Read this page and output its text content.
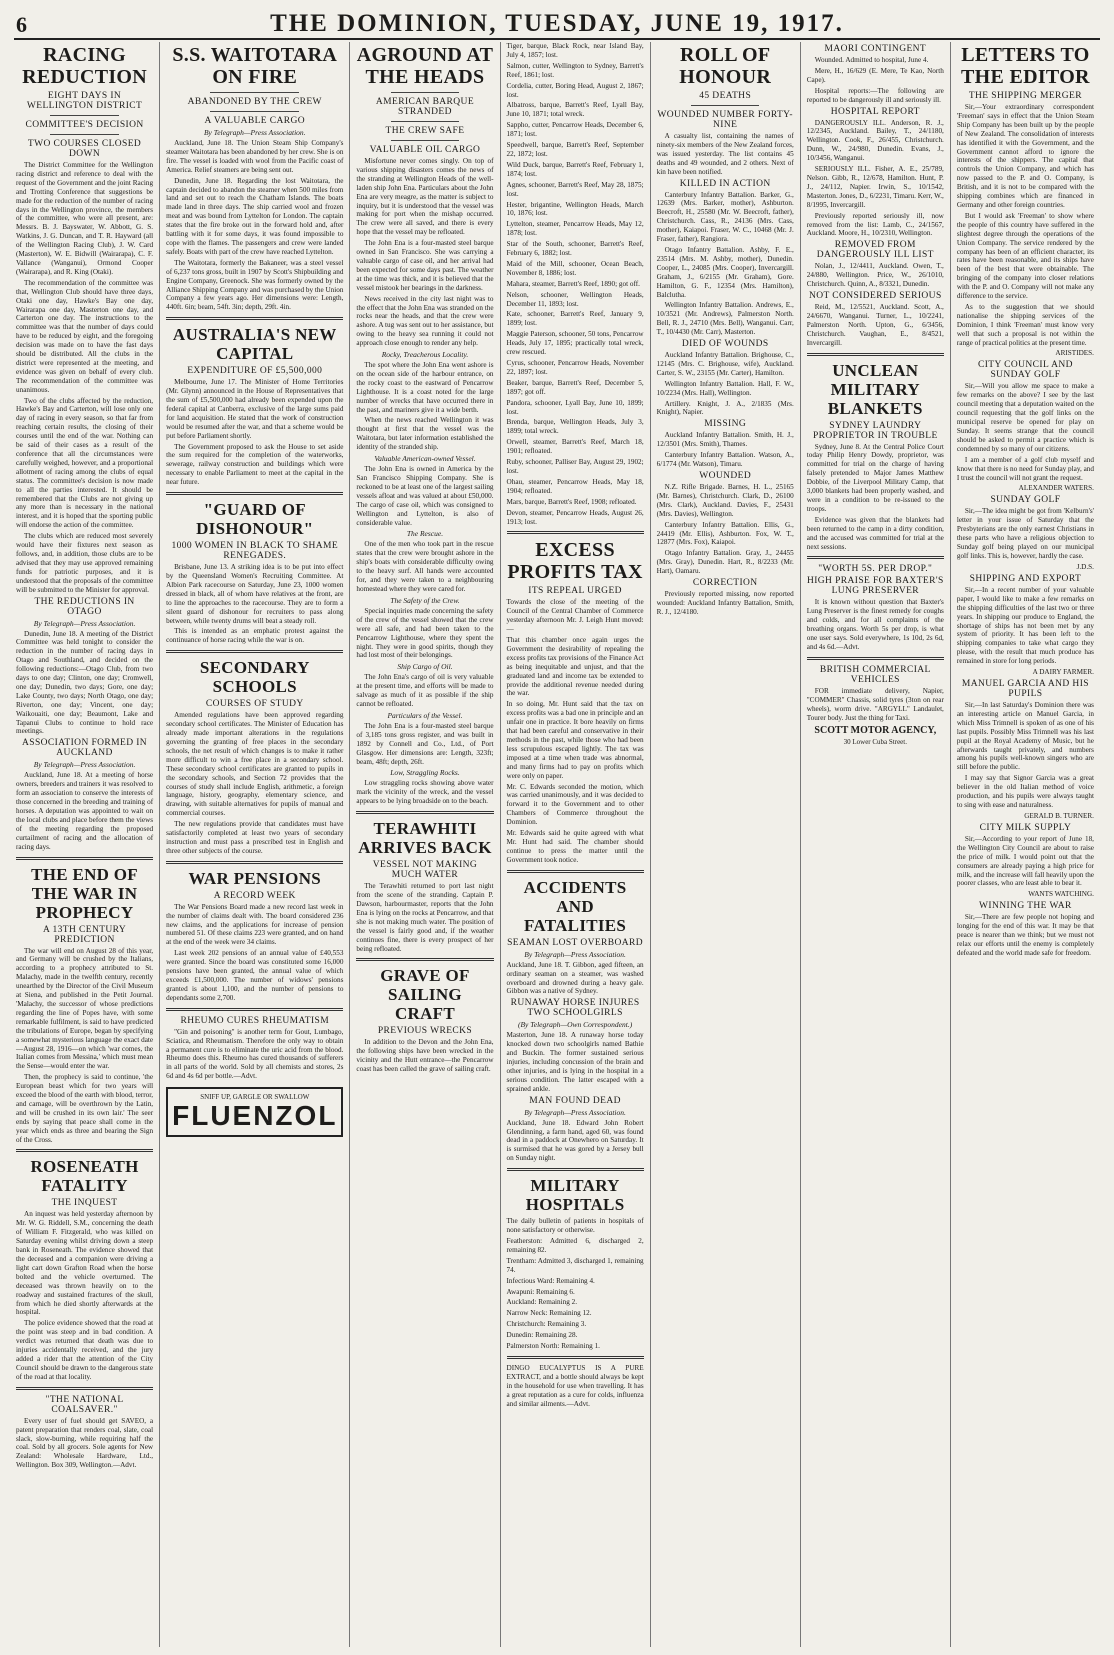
6	THE DOMINION, TUESDAY, JUNE 19, 1917.
RACING REDUCTION
EIGHT DAYS IN WELLINGTON DISTRICT
COMMITTEE'S DECISION
TWO COURSES CLOSED DOWN

The District Committee for the Wellington racing district and reference to deal with the request of the Government and the joint Racing and Trotting Conference that suggestions be made for the reduction of the number of racing days in the Wellington province, the members of the committee, who were all present, are: Messrs. B. J. Bayswater, W. Abbott, G. S. Watkins, J. G. Duncan, and T. R. Hayward (all of the Wellington Racing Club), J. W. Card (Masterton), W. E. Bidwill (Wairarapa), C. F. Vallance (Wanganui), Ormond Cooper (Wairarapa), and R. King (Otaki).

The recommendation of the committee was that, Wellington Club should have three days, Otaki one day, Hawke's Bay one day, Wairarapa one day, Masterton one day, and Carterton one day. The instructions to the committee was that the number of days could have to be reduced by eight, and the foregoing decision was made on to have the fast days should be distributed. All the clubs in the district were represented at the meeting, and evidence was given on behalf of every club. The recommendation of the committee was unanimous.

Two of the clubs affected by the reduction, Hawke's Bay and Carterton, will lose only one day of racing in every season, so that far from reaching certain results, the closing of their courses until the end of the war. Nothing can be said of their cases as a result of the conference that all the circumstances were carefully weighed, however, and a proportional allotment of racing among the clubs of equal status. The committee's decision is now made to all the parties interested. It should be remembered that the Clubs are not giving up any more than is necessary in the national interest, and it is hoped that the sporting public will endorse the action of the committee.

The clubs which are reduced most severely would have their fixtures next season as follows, and, in addition, those clubs are to be advised that they may use approved remaining funds for patriotic purposes, and it is understood that the proposals of the committee will be submitted to the Minister for approval.

THE REDUCTIONS IN OTAGO
By Telegraph—Press Association.

Dunedin, June 18. A meeting of the District Committee was held tonight to consider the reduction in the number of racing days in Otago and Southland, and decided on the following reductions:—Otago Club, from two days to one day; Clinton, one day; Cromwell, one day; Dunedin, two days; Gore, one day; Lake County, two days; North Otago, one day; Riverton, one day; Vincent, one day; Waikouaiti, one day; Beaumont, Lake and Tapanui Clubs to continue to hold race meetings.

ASSOCIATION FORMED IN AUCKLAND
By Telegraph—Press Association.

Auckland, June 18. At a meeting of horse owners, breeders and trainers it was resolved to form an association to conserve the interests of those concerned in the breeding and training of horses. A deputation was appointed to wait on the local clubs and place before them the views of the meeting regarding the proposed curtailment of racing and the allocation of racing days.

THE END OF THE WAR IN PROPHECY
A 13TH CENTURY PREDICTION

The war will end on August 28 of this year, and Germany will be crushed by the Italians, according to a prophecy attributed to St. Malachy, made in the twelfth century, recently unearthed by the Director of the Civil Museum at Siena, and published in the Petit Journal. 'Malachy, the successor of whose predictions regarding the line of Popes have, with some remarkable fulfilment, is said to have predicted the tribulations of Europe, began by specifying a somewhat mysterious language the exact date—August 28, 1916—on which 'war comes, the Italian comes from Messina,' which must mean the Sense—would enter the war.

Then, the prophecy is said to continue, 'the European beast which for two years will exceed the blood of the earth with blood, terror, and carnage, will be overthrown by the Latin, and will be crushed in its own lair.' The seer ends by saying that peace shall come in the year which ends as three and bearing the Sign of the Cross.

ROSENEATH FATALITY
THE INQUEST

An inquest was held yesterday afternoon by Mr. W. G. Riddell, S.M., concerning the death of William F. Fitzgerald, who was killed on Saturday evening whilst driving down a steep bank in Roseneath. The evidence showed that the deceased and a companion were driving a light cart down Grafton Road when the horse bolted and the vehicle overturned. The deceased was thrown heavily on to the roadway and sustained fractures of the skull, from which he died shortly afterwards at the hospital.

The police evidence showed that the road at the point was steep and in bad condition. A verdict was returned that death was due to injuries accidentally received, and the jury added a rider that the attention of the City Council should be drawn to the dangerous state of the road at that locality.

"THE NATIONAL COALSAVER."

Every user of fuel should get SAVEO, a patent preparation that renders coal, slate, coal slack, slow-burning, while requiring half the coal. Sold by all grocers. Sole agents for New Zealand: Wholesale Hardware, Ltd., Wellington. Box 309, Wellington.—Advt.

S.S. WAITOTARA ON FIRE
ABANDONED BY THE CREW
A VALUABLE CARGO
By Telegraph—Press Association.

Auckland, June 18. The Union Steam Ship Company's steamer Waitotara has been abandoned by her crew. She is on fire. The vessel is loaded with wool from the Pacific coast of America. Relief steamers are being sent out.

Dunedin, June 18. Regarding the lost Waitotara, the captain decided to abandon the steamer when 500 miles from land and set out to reach the Chatham Islands. The boats made land in three days. The ship carried wool and frozen meat and was bound from Lyttelton for London. The captain states that the fire broke out in the forward hold and, after battling with it for some days, it was found impossible to cope with the flames. The passengers and crew were landed safely. Boats with part of the crew have reached Lyttelton.

The Waitotara, formerly the Bakaneer, was a steel vessel of 6,237 tons gross, built in 1907 by Scott's Shipbuilding and Engine Company, Greenock. She was formerly owned by the Alliance Shipping Company and was purchased by the Union Company a few years ago. Her dimensions were: Length, 440ft. 6in; beam, 54ft. 3in; depth, 29ft. 4in.

AUSTRALIA'S NEW CAPITAL
EXPENDITURE OF £5,500,000

Melbourne, June 17. The Minister of Home Territories (Mr. Glynn) announced in the House of Representatives that the sum of £5,500,000 had already been expended upon the federal capital at Canberra, exclusive of the large sums paid for land acquisition. He stated that the work of construction would be resumed after the war, and that a scheme would be put before Parliament shortly.

The Government proposed to ask the House to set aside the sum required for the completion of the waterworks, sewerage, railway construction and buildings which were necessary to enable Parliament to meet at the capital in the near future.

"GUARD OF DISHONOUR"
1000 WOMEN IN BLACK TO SHAME RENEGADES.

Brisbane, June 13. A striking idea is to be put into effect by the Queensland Women's Recruiting Committee. At Albion Park racecourse on Saturday, June 23, 1000 women dressed in black, all of whom have relatives at the front, are to line the approaches to the racecourse. They are to form a silent guard of dishonour for recruiters to pass along between, while twenty drums will beat a steady roll.

This is intended as an emphatic protest against the continuance of horse racing while the war is on.

SECONDARY SCHOOLS
COURSES OF STUDY

Amended regulations have been approved regarding secondary school certificates. The Minister of Education has already made important alterations in the regulations governing the granting of free places in the secondary schools, the net result of which changes is to make it rather more difficult to win a free place in a secondary school. These secondary school certificates are granted to pupils in the secondary schools, and Section 72 provides that the courses of study shall include English, arithmetic, a foreign language, history, geography, elementary science, and drawing, with suitable alternatives for pupils of manual and commercial courses.

The new regulations provide that candidates must have satisfactorily completed at least two years of secondary instruction and must pass a prescribed test in English and three other subjects of the course.

WAR PENSIONS
A RECORD WEEK

The War Pensions Board made a new record last week in the number of claims dealt with. The board considered 236 new claims, and the applications for increase of pension numbered 51. Of these claims 223 were granted, and on hand at the end of the week were 34 claims.

Last week 202 pensions of an annual value of £40,553 were granted. Since the board was constituted some 16,000 pensions have been granted, the annual value of which exceeds £1,500,000. The number of widows' pensions granted is about 1,100, and the number of pensions to dependants some 2,700.

RHEUMO CURES RHEUMATISM

"Gin and poisoning" is another term for Gout, Lumbago, Sciatica, and Rheumatism. Therefore the only way to obtain a permanent cure is to eliminate the uric acid from the blood. Rheumo does this. Rheumo has cured thousands of sufferers in all parts of the world. Sold by all chemists and stores, 2s 6d and 4s 6d per bottle.—Advt.

SNIFF UP, GARGLE OR SWALLOW
FLUENZOL
AGROUND AT THE HEADS
AMERICAN BARQUE STRANDED
THE CREW SAFE
VALUABLE OIL CARGO

Misfortune never comes singly. On top of various shipping disasters comes the news of the stranding at Wellington Heads of the well-laden ship John Ena. Particulars about the John Ena are very meagre, as the matter is subject to inquiry, but it is understood that the vessel was making for port when the mishap occurred. The crew were all saved, and there is every hope that the vessel may be refloated.

The John Ena is a four-masted steel barque owned in San Francisco. She was carrying a valuable cargo of case oil, and her arrival had been expected for some days past. The weather at the time was thick, and it is believed that the vessel mistook her bearings in the darkness.

News received in the city last night was to the effect that the John Ena was stranded on the rocks near the heads, and that the crew were ashore. A tug was sent out to her assistance, but owing to the heavy sea running it could not approach close enough to render any help.

Rocky, Treacherous Locality.

The spot where the John Ena went ashore is on the ocean side of the harbour entrance, on the rocky coast to the eastward of Pencarrow Lighthouse. It is a coast noted for the large number of wrecks that have occurred there in the past, and mariners give it a wide berth.

When the news reached Wellington it was thought at first that the vessel was the Waitotara, but later information established the identity of the stranded ship.

Valuable American-owned Vessel.

The John Ena is owned in America by the San Francisco Shipping Company. She is reckoned to be at least one of the largest sailing vessels afloat and was valued at about £50,000. The cargo of case oil, which was consigned to Wellington and Lyttelton, is also of considerable value.

The Rescue.

One of the men who took part in the rescue states that the crew were brought ashore in the ship's boats with considerable difficulty owing to the heavy surf. All hands were accounted for, and they were taken to a neighbouring homestead where they were cared for.

The Safety of the Crew.

Special inquiries made concerning the safety of the crew of the vessel showed that the crew were all safe, and had been taken to the Pencarrow Lighthouse, where they spent the night. They were in good spirits, though they had lost most of their belongings.

Ship Cargo of Oil.

The John Ena's cargo of oil is very valuable at the present time, and efforts will be made to salvage as much of it as possible if the ship cannot be refloated.

Particulars of the Vessel.

The John Ena is a four-masted steel barque of 3,185 tons gross register, and was built in 1892 by Connell and Co., Ltd., of Port Glasgow. Her dimensions are: Length, 323ft; beam, 48ft; depth, 26ft.

Low, Straggling Rocks.

Low straggling rocks showing above water mark the vicinity of the wreck, and the vessel appears to be lying broadside on to the beach.

TERAWHITI ARRIVES BACK
VESSEL NOT MAKING MUCH WATER

The Terawhiti returned to port last night from the scene of the stranding. Captain P. Dawson, harbourmaster, reports that the John Ena is lying on the rocks at Pencarrow, and that she is not making much water. The position of the vessel is fairly good and, if the weather continues fine, there is every prospect of her being refloated.

GRAVE OF SAILING CRAFT
PREVIOUS WRECKS

In addition to the Devon and the John Ena, the following ships have been wrecked in the vicinity and the Hutt entrance—the Pencarrow coast has been called the grave of sailing craft.

Tiger, barque, Black Rock, near Island Bay, July 4, 1857; lost.

Salmon, cutter, Wellington to Sydney, Barrett's Reef, 1861; lost.

Cordelia, cutter, Boring Head, August 2, 1867; lost.

Albatross, barque, Barrett's Reef, Lyall Bay, June 10, 1871; total wreck.

Sappho, cutter, Pencarrow Heads, December 6, 1871; lost.

Speedwell, barque, Barrett's Reef, September 22, 1872; lost.

Wild Duck, barque, Barrett's Reef, February 1, 1874; lost.

Agnes, schooner, Barrett's Reef, May 28, 1875; lost.

Hester, brigantine, Wellington Heads, March 10, 1876; lost.

Lyttelton, steamer, Pencarrow Heads, May 12, 1878; lost.

Star of the South, schooner, Barrett's Reef, February 6, 1882; lost.

Maid of the Mill, schooner, Ocean Beach, November 8, 1886; lost.

Mahara, steamer, Barrett's Reef, 1890; got off.

Nelson, schooner, Wellington Heads, December 11, 1893; lost.

Kate, schooner, Barrett's Reef, January 9, 1899; lost.

Maggie Paterson, schooner, 50 tons, Pencarrow Heads, July 17, 1895; practically total wreck, crew rescued.

Cyrus, schooner, Pencarrow Heads, November 22, 1897; lost.

Beaker, barque, Barrett's Reef, December 5, 1897; got off.

Pandora, schooner, Lyall Bay, June 10, 1899; lost.

Brenda, barque, Wellington Heads, July 3, 1899; total wreck.

Orwell, steamer, Barrett's Reef, March 18, 1901; refloated.

Ruby, schooner, Palliser Bay, August 29, 1902; lost.

Ohau, steamer, Pencarrow Heads, May 18, 1904; refloated.

Mars, barque, Barrett's Reef, 1908; refloated.

Devon, steamer, Pencarrow Heads, August 26, 1913; lost.

EXCESS PROFITS TAX
ITS REPEAL URGED

Towards the close of the meeting of the Council of the Central Chamber of Commerce yesterday afternoon Mr. J. Leigh Hunt moved:—

That this chamber once again urges the Government the desirability of repealing the excess profits tax provisions of the Finance Act as being inequitable and unjust, and that the graduated land and income tax be extended to provide the additional revenue needed during the war.

In so doing, Mr. Hunt said that the tax on excess profits was a bad one in principle and an unfair one in practice. It bore heavily on firms that had been careful and conservative in their methods in the past, while those who had been less scrupulous escaped lightly. The tax was imposed at a time when trade was abnormal, and many firms had to pay on profits which were only on paper.

Mr. C. Edwards seconded the motion, which was carried unanimously, and it was decided to forward it to the Government and to other Chambers of Commerce throughout the Dominion.

Mr. Edwards said he quite agreed with what Mr. Hunt had said. The chamber should continue to press the matter until the Government took notice.

ACCIDENTS AND FATALITIES
SEAMAN LOST OVERBOARD
By Telegraph—Press Association.

Auckland, June 18. T. Gibbon, aged fifteen, an ordinary seaman on a steamer, was washed overboard and drowned during a heavy gale. Gibbon was a native of Sydney.

RUNAWAY HORSE INJURES TWO SCHOOLGIRLS
(By Telegraph—Own Correspondent.)

Masterton, June 18. A runaway horse today knocked down two schoolgirls named Bathie and Buckin. The former sustained serious injuries, including concussion of the brain and other injuries, and is lying in the hospital in a serious condition. The latter escaped with a sprained ankle.

MAN FOUND DEAD
By Telegraph—Press Association.

Auckland, June 18. Edward John Robert Glendinning, a farm hand, aged 60, was found dead in a paddock at Onewhero on Saturday. It is surmised that he was gored by a Jersey bull on Sunday night.

MILITARY HOSPITALS

The daily bulletin of patients in hospitals of none satisfactory or otherwise.

Featherston: Admitted 6, discharged 2, remaining 82.

Trentham: Admitted 3, discharged 1, remaining 74.

Infectious Ward: Remaining 4.

Awapuni: Remaining 6.

Auckland: Remaining 2.

Narrow Neck: Remaining 12.

Christchurch: Remaining 3.

Dunedin: Remaining 28.

Palmerston North: Remaining 1.

DINGO EUCALYPTUS IS A PURE EXTRACT, and a bottle should always be kept in the household for use when travelling. It has a great reputation as a cure for colds, influenza and similar ailments.—Advt.

ROLL OF HONOUR
45 DEATHS
WOUNDED NUMBER FORTY-NINE

A casualty list, containing the names of ninety-six members of the New Zealand forces, was issued yesterday. The list contains 45 deaths and 49 wounded, and 2 others. Next of kin have been notified.

KILLED IN ACTION

Canterbury Infantry Battalion. Barker, G., 12639 (Mrs. Barker, mother), Ashburton. Beecroft, H., 25580 (Mr. W. Beecroft, father), Christchurch. Cass, R., 24136 (Mrs. Cass, mother), Kaiapoi. Fraser, W. C., 10468 (Mr. J. Fraser, father), Rangiora.

Otago Infantry Battalion. Ashby, F. E., 23514 (Mrs. M. Ashby, mother), Dunedin. Cooper, L., 24085 (Mrs. Cooper), Invercargill. Graham, J., 6/2155 (Mr. Graham), Gore. Hamilton, G. F., 12354 (Mrs. Hamilton), Balclutha.

Wellington Infantry Battalion. Andrews, E., 10/3521 (Mr. Andrews), Palmerston North. Bell, R. J., 24710 (Mrs. Bell), Wanganui. Carr, T., 10/4430 (Mr. Carr), Masterton.

DIED OF WOUNDS

Auckland Infantry Battalion. Brighouse, C., 12145 (Mrs. C. Brighouse, wife), Auckland. Carter, S. W., 23155 (Mr. Carter), Hamilton.

Wellington Infantry Battalion. Hall, F. W., 10/2234 (Mrs. Hall), Wellington.

Artillery. Knight, J. A., 2/1835 (Mrs. Knight), Napier.

MISSING

Auckland Infantry Battalion. Smith, H. J., 12/3501 (Mrs. Smith), Thames.

Canterbury Infantry Battalion. Watson, A., 6/1774 (Mr. Watson), Timaru.

WOUNDED

N.Z. Rifle Brigade. Barnes, H. L., 25165 (Mr. Barnes), Christchurch. Clark, D., 26100 (Mrs. Clark), Auckland. Davies, F., 25431 (Mrs. Davies), Wellington.

Canterbury Infantry Battalion. Ellis, G., 24419 (Mr. Ellis), Ashburton. Fox, W. T., 12877 (Mrs. Fox), Kaiapoi.

Otago Infantry Battalion. Gray, J., 24455 (Mrs. Gray), Dunedin. Hart, R., 8/2233 (Mr. Hart), Oamaru.

CORRECTION

Previously reported missing, now reported wounded: Auckland Infantry Battalion, Smith, R. J., 12/4180.

MAORI CONTINGENT

Wounded. Admitted to hospital, June 4.

Mere, H., 16/629 (E. Mere, Te Kao, North Cape).

Hospital reports:—The following are reported to be dangerously ill and seriously ill.

HOSPITAL REPORT

DANGEROUSLY ILL. Anderson, R. J., 12/2345, Auckland. Bailey, T., 24/1180, Wellington. Cook, F., 26/455, Christchurch. Dunn, W., 24/980, Dunedin. Evans, J., 10/3456, Wanganui.

SERIOUSLY ILL. Fisher, A. E., 25/789, Nelson. Gibb, R., 12/678, Hamilton. Hunt, P. J., 24/112, Napier. Irwin, S., 10/1542, Masterton. Jones, D., 6/2231, Timaru. Kerr, W., 8/1995, Invercargill.

Previously reported seriously ill, now removed from the list: Lamb, C., 24/1567, Auckland. Moore, H., 10/2310, Wellington.

REMOVED FROM DANGEROUSLY ILL LIST

Nolan, J., 12/4411, Auckland. Owen, T., 24/880, Wellington. Price, W., 26/1010, Christchurch. Quinn, A., 8/3321, Dunedin.

NOT CONSIDERED SERIOUS

Reid, M., 12/5521, Auckland. Scott, A., 24/6670, Wanganui. Turner, L., 10/2241, Palmerston North. Upton, G., 6/3456, Christchurch. Vaughan, E., 8/4521, Invercargill.

UNCLEAN MILITARY BLANKETS
SYDNEY LAUNDRY PROPRIETOR IN TROUBLE

Sydney, June 8. At the Central Police Court today Philip Henry Dowdy, proprietor, was committed for trial on the charge of having falsely pretended to Major James Matthew Dobbie, of the Liverpool Military Camp, that 3,000 blankets had been properly washed, and were in a condition to be re-issued to the troops.

Evidence was given that the blankets had been returned to the camp in a dirty condition, and the accused was committed for trial at the next sessions.

"WORTH 5S. PER DROP."
HIGH PRAISE FOR BAXTER'S LUNG PRESERVER

It is known without question that Baxter's Lung Preserver is the finest remedy for coughs and colds, and for all complaints of the breathing organs. Worth 5s per drop, is what one user says. Sold everywhere, 1s 10d, 2s 6d, and 4s 6d.—Advt.

BRITISH COMMERCIAL VEHICLES

FOR immediate delivery, Napier, "COMMER" Chassis, solid tyres (3ton on rear wheels), worm drive. "ARGYLL" Landaulet, Tourer body. Just the thing for Taxi.

SCOTT MOTOR AGENCY,
30 Lower Cuba Street.
LETTERS TO THE EDITOR
THE SHIPPING MERGER

Sir,—Your extraordinary correspondent 'Freeman' says in effect that the Union Steam Ship Company has been built up by the people of New Zealand. The consolidation of interests has identified it with the Government, and the Government cannot afford to ignore the interests of the shippers. The capital that controls the Union Company, and which has now passed to the P. and O. Company, is British, and it is not to be compared with the shipping combines which are financed in Germany and other foreign countries.

But I would ask 'Freeman' to show where the people of this country have suffered in the slightest degree through the operations of the Union Company. The service rendered by the company has been of an efficient character, its rates have been reasonable, and its ships have been of the best that were obtainable. The bringing of the company into closer relations with the P. and O. Company will not make any difference to the service.

As to the suggestion that we should nationalise the shipping services of the Dominion, I think 'Freeman' must know very well that such a proposal is not within the range of practical politics at the present time.

ARISTIDES.
CITY COUNCIL AND SUNDAY GOLF

Sir,—Will you allow me space to make a few remarks on the above? I see by the last council meeting that a deputation waited on the council requesting that the golf links on the municipal reserve be opened for play on Sunday. It seems strange that the council should be asked to permit a practice which is condemned by so many of our citizens.

I am a member of a golf club myself and know that there is no need for Sunday play, and I trust the council will not grant the request.

ALEXANDER WATERS.
SUNDAY GOLF

Sir,—The idea might be got from 'Kelburn's' letter in your issue of Saturday that the Presbyterians are the only earnest Christians in these parts who have a religious objection to Sunday golf being played on our municipal golf links. This is, however, hardly the case.

J.D.S.
SHIPPING AND EXPORT

Sir,—In a recent number of your valuable paper, I would like to make a few remarks on the shipping difficulties of the last two or three years. In shipping our produce to England, the shortage of ships has not been met by any system of priority. It has been left to the shipping companies to take what cargo they please, with the result that much produce has remained in store for long periods.

A DAIRY FARMER.
MANUEL GARCIA AND HIS PUPILS

Sir,—In last Saturday's Dominion there was an interesting article on Manuel Garcia, in which Miss Trimnell is spoken of as one of his last pupils. Possibly Miss Trimnell was his last pupil at the Royal Academy of Music, but he afterwards taught privately, and numbers among his pupils well-known singers who are still before the public.

I may say that Signor Garcia was a great believer in the old Italian method of voice production, and his pupils were always taught to sing with ease and naturalness.

GERALD B. TURNER.
CITY MILK SUPPLY

Sir,—According to your report of June 18, the Wellington City Council are about to raise the price of milk. I would point out that the consumers are already paying a high price for milk, and the increase will fall heavily upon the poorer classes, who are least able to bear it.

WANTS WATCHING.
WINNING THE WAR

Sir,—There are few people not hoping and longing for the end of this war. It may be that peace is nearer than we think; but we must not relax our efforts until the enemy is completely defeated and the world made safe for freedom.
